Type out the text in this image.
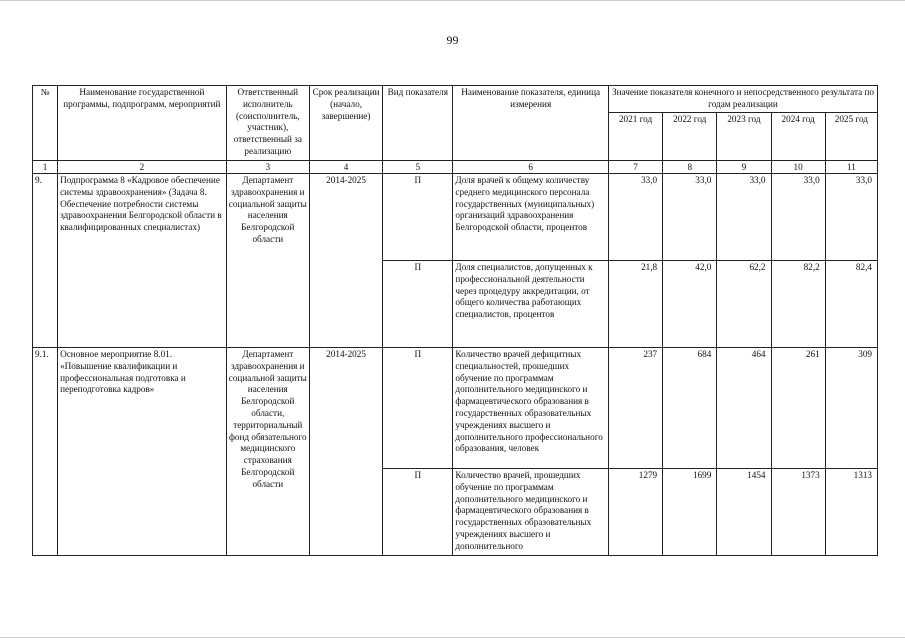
99
№	Наименование государственной программы, подпрограмм, мероприятий	Ответственный исполнитель (соисполнитель, участник), ответственный за реализацию	Срок реализации (начало, завершение)	Вид показателя	Наименование показателя, единица измерения	Значение показателя конечного и непосредственного результата по годам реализации				
						2021 год	2022 год	2023 год	2024 год	2025 год
1	2	3	4	5	6	7	8	9	10	11
9.	Подпрограмма 8 «Кадровое обеспечение системы здравоохранения» (Задача 8. Обеспечение потребности системы здравоохранения Белгородской области в квалифицированных специалистах)	Департамент здравоохранения и социальной защиты населения Белгородской области	2014-2025	П	Доля врачей к общему количеству среднего медицинского персонала государственных (муниципальных) организаций здравоохранения Белгородской области, процентов	33,0	33,0	33,0	33,0	33,0
				П	Доля специалистов, допущенных к профессиональной деятельности через процедуру аккредитации, от общего количества работающих специалистов, процентов	21,8	42,0	62,2	82,2	82,4
9.1.	Основное мероприятие 8.01. «Повышение квалификации и профессиональная подготовка и переподготовка кадров»	Департамент здравоохранения и социальной защиты населения Белгородской области, территориальный фонд обязательного медицинского страхования Белгородской области	2014-2025	П	Количество врачей дефицитных специальностей, прошедших обучение по программам дополнительного медицинского и фармацевтического образования в государственных образовательных учреждениях высшего и дополнительного профессионального образования, человек	237	684	464	261	309
				П	Количество врачей, прошедших обучение по программам дополнительного медицинского и фармацевтического образования в государственных образовательных учреждениях высшего и дополнительного	1279	1699	1454	1373	1313
